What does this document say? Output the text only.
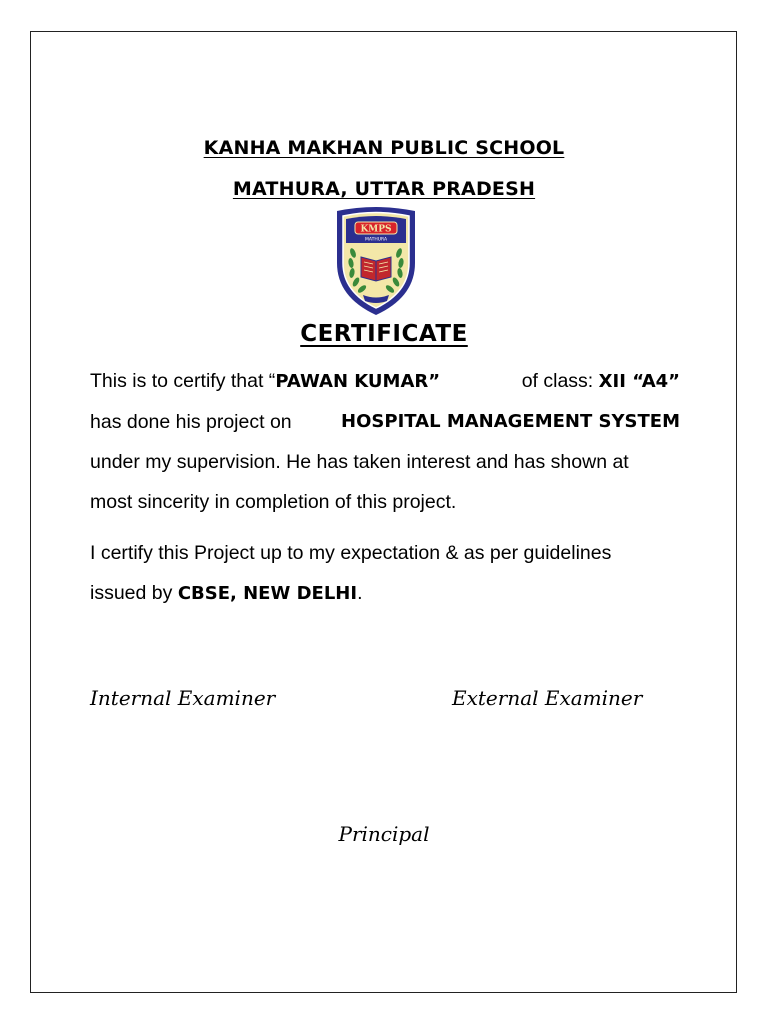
KANHA MAKHAN PUBLIC SCHOOL
MATHURA, UTTAR PRADESH
KMPS
MATHURA
CERTIFICATE
This is to certify that “PAWAN KUMAR”	of class: XII “A4”
has done his project on	HOSPITAL MANAGEMENT SYSTEM
under my supervision. He has taken interest and has shown at
most sincerity in completion of this project.
I certify this Project up to my expectation & as per guidelines
issued by CBSE, NEW DELHI.
Internal Examiner	External Examiner
Principal
